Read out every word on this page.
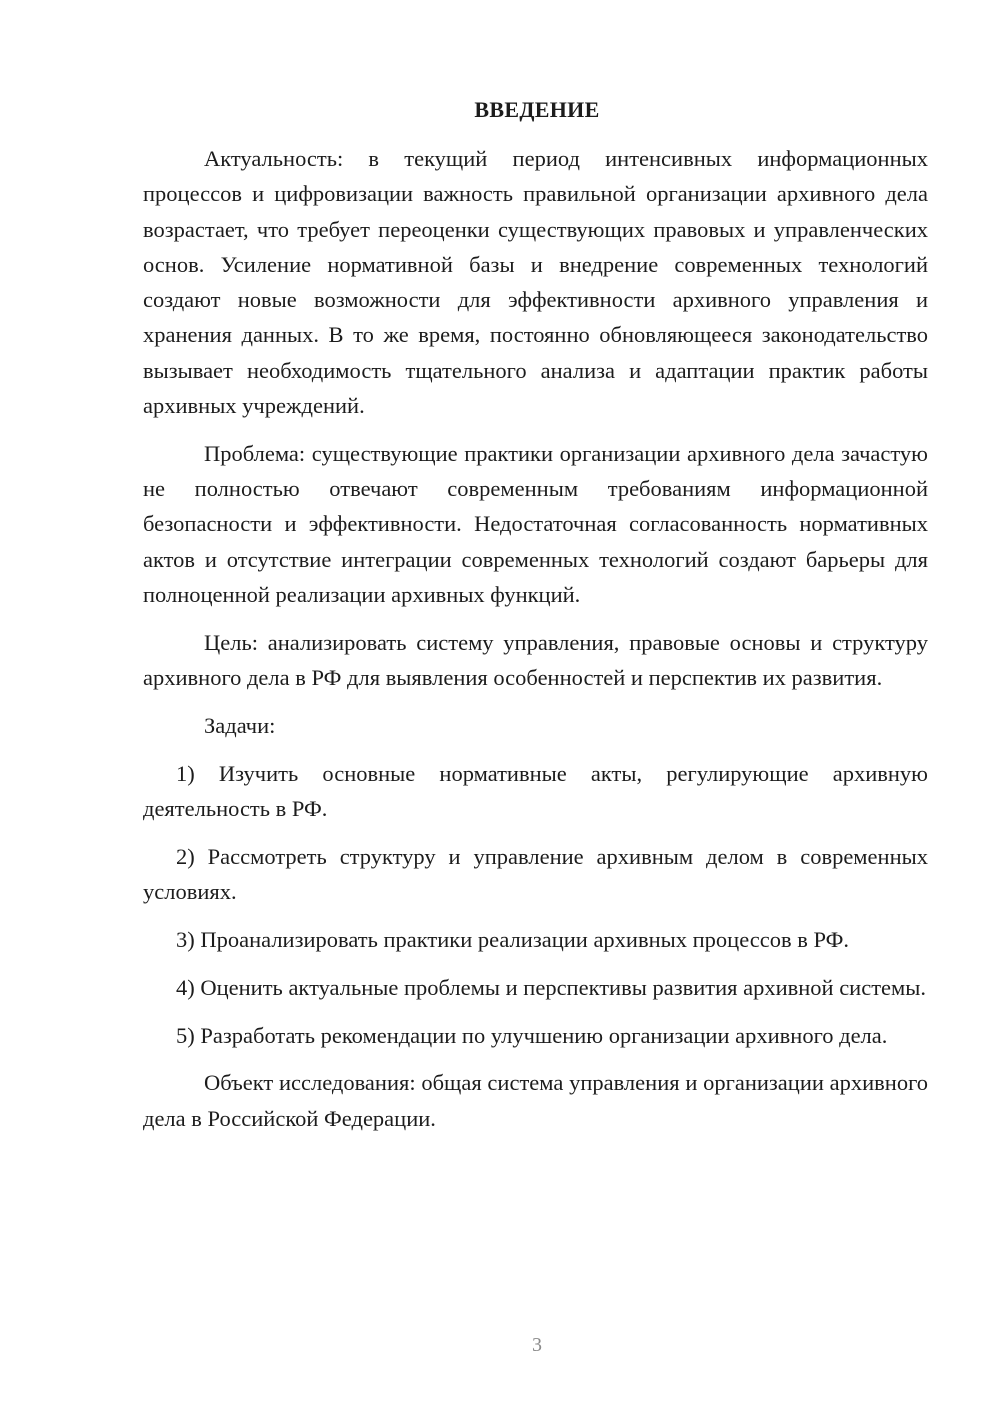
ВВЕДЕНИЕ

Актуальность: в текущий период интенсивных информационных процессов и цифровизации важность правильной организации архивного дела возрастает, что требует переоценки существующих правовых и управленческих основ. Усиление нормативной базы и внедрение современных технологий создают новые возможности для эффективности архивного управления и хранения данных. В то же время, постоянно обновляющееся законодательство вызывает необходимость тщательного анализа и адаптации практик работы архивных учреждений.

Проблема: существующие практики организации архивного дела зачастую не полностью отвечают современным требованиям информационной безопасности и эффективности. Недостаточная согласованность нормативных актов и отсутствие интеграции современных технологий создают барьеры для полноценной реализации архивных функций.

Цель: анализировать систему управления, правовые основы и структуру архивного дела в РФ для выявления особенностей и перспектив их развития.

Задачи:

1) Изучить основные нормативные акты, регулирующие архивную деятельность в РФ.

2) Рассмотреть структуру и управление архивным делом в современных условиях.

3) Проанализировать практики реализации архивных процессов в РФ.

4) Оценить актуальные проблемы и перспективы развития архивной системы.

5) Разработать рекомендации по улучшению организации архивного дела.

Объект исследования: общая система управления и организации архивного дела в Российской Федерации.

3
